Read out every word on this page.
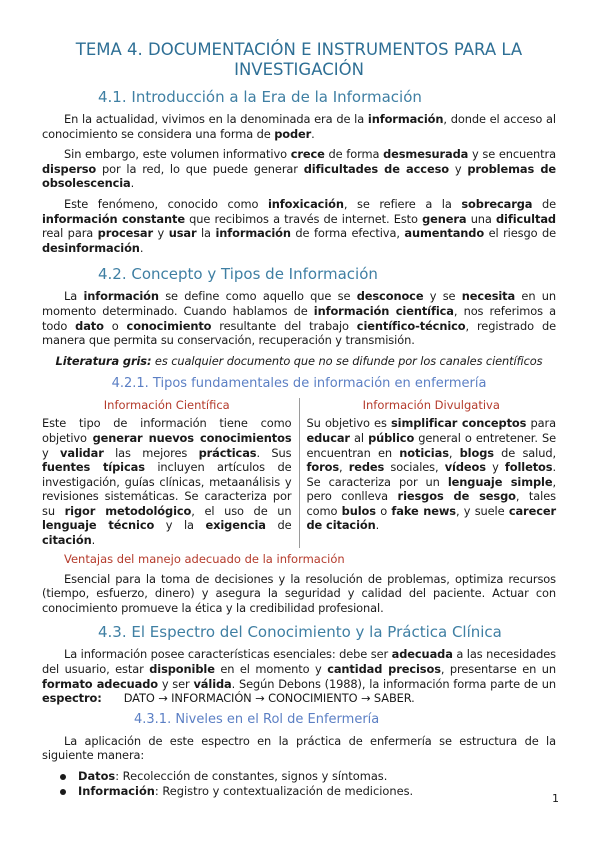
TEMA 4. DOCUMENTACIÓN E INSTRUMENTOS PARA LA INVESTIGACIÓN
4.1. Introducción a la Era de la Información

En la actualidad, vivimos en la denominada era de la información, donde el acceso al conocimiento se considera una forma de poder.

Sin embargo, este volumen informativo crece de forma desmesurada y se encuentra disperso por la red, lo que puede generar dificultades de acceso y problemas de obsolescencia.

Este fenómeno, conocido como infoxicación, se refiere a la sobrecarga de información constante que recibimos a través de internet. Esto genera una dificultad real para procesar y usar la información de forma efectiva, aumentando el riesgo de desinformación.

4.2. Concepto y Tipos de Información

La información se define como aquello que se desconoce y se necesita en un momento determinado. Cuando hablamos de información científica, nos referimos a todo dato o conocimiento resultante del trabajo científico-técnico, registrado de manera que permita su conservación, recuperación y transmisión.

Literatura gris: es cualquier documento que no se difunde por los canales científicos

4.2.1. Tipos fundamentales de información en enfermería
Información Científica

Este tipo de información tiene como objetivo generar nuevos conocimientos y validar las mejores prácticas. Sus fuentes típicas incluyen artículos de investigación, guías clínicas, metaanálisis y revisiones sistemáticas. Se caracteriza por su rigor metodológico, el uso de un lenguaje técnico y la exigencia de citación.

Información Divulgativa

Su objetivo es simplificar conceptos para educar al público general o entretener. Se encuentran en noticias, blogs de salud, foros, redes sociales, vídeos y folletos. Se caracteriza por un lenguaje simple, pero conlleva riesgos de sesgo, tales como bulos o fake news, y suele carecer de citación.

Ventajas del manejo adecuado de la información

Esencial para la toma de decisiones y la resolución de problemas, optimiza recursos (tiempo, esfuerzo, dinero) y asegura la seguridad y calidad del paciente. Actuar con conocimiento promueve la ética y la credibilidad profesional.

4.3. El Espectro del Conocimiento y la Práctica Clínica

La información posee características esenciales: debe ser adecuada a las necesidades del usuario, estar disponible en el momento y cantidad precisos, presentarse en un formato adecuado y ser válida. Según Debons (1988), la información forma parte de un espectro: DATO → INFORMACIÓN → CONOCIMIENTO → SABER.

4.3.1. Niveles en el Rol de Enfermería

La aplicación de este espectro en la práctica de enfermería se estructura de la siguiente manera:

Datos: Recolección de constantes, signos y síntomas.
Información: Registro y contextualización de mediciones.
1
